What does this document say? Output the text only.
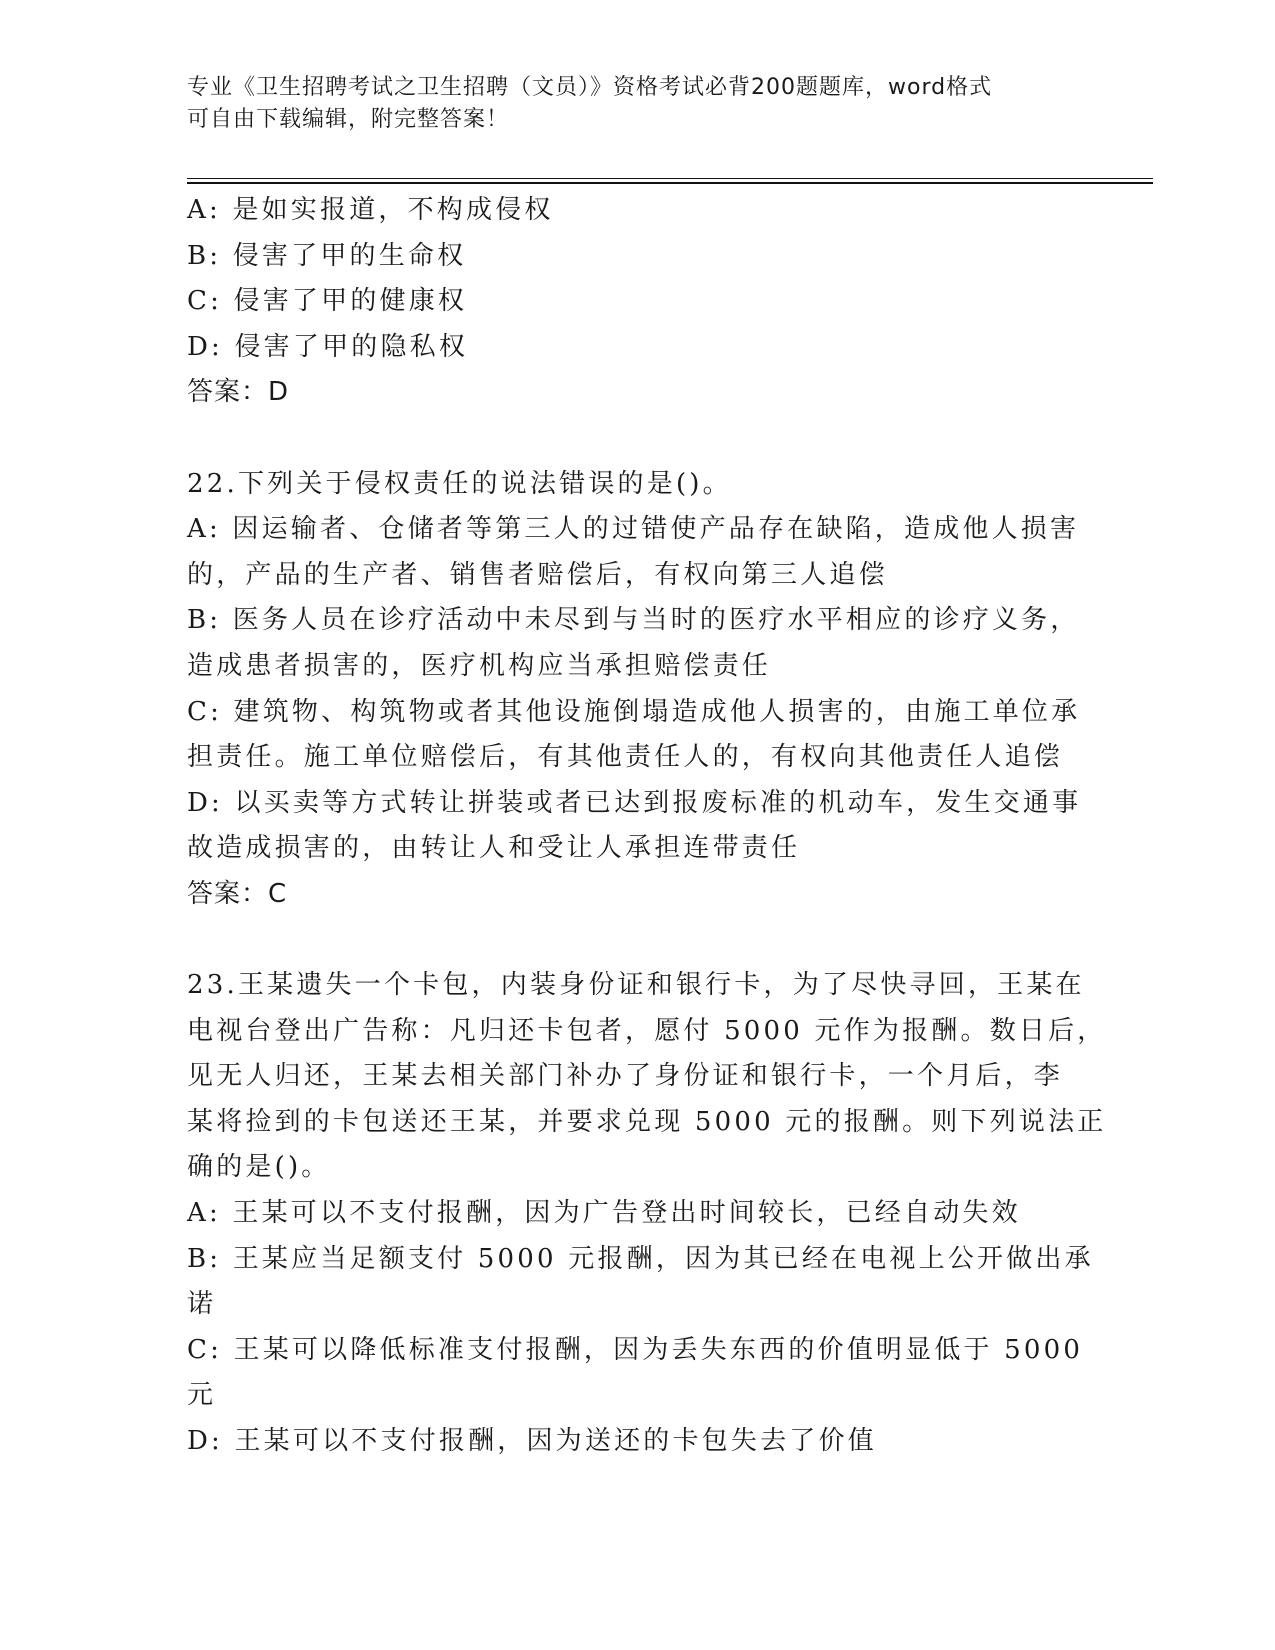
专业《卫生招聘考试之卫生招聘（文员）》资格考试必背200题题库，word格式
可自由下载编辑，附完整答案！
A: 是如实报道，不构成侵权
B: 侵害了甲的生命权
C: 侵害了甲的健康权
D: 侵害了甲的隐私权
答案：D
22.下列关于侵权责任的说法错误的是()。
A: 因运输者、仓储者等第三人的过错使产品存在缺陷，造成他人损害
的，产品的生产者、销售者赔偿后，有权向第三人追偿
B: 医务人员在诊疗活动中未尽到与当时的医疗水平相应的诊疗义务，
造成患者损害的，医疗机构应当承担赔偿责任
C: 建筑物、构筑物或者其他设施倒塌造成他人损害的，由施工单位承
担责任。施工单位赔偿后，有其他责任人的，有权向其他责任人追偿
D: 以买卖等方式转让拼装或者已达到报废标准的机动车，发生交通事
故造成损害的，由转让人和受让人承担连带责任
答案：C
23.王某遗失一个卡包，内装身份证和银行卡，为了尽快寻回，王某在
电视台登出广告称：凡归还卡包者，愿付 5000 元作为报酬。数日后，
见无人归还，王某去相关部门补办了身份证和银行卡，一个月后，李
某将捡到的卡包送还王某，并要求兑现 5000 元的报酬。则下列说法正
确的是()。
A: 王某可以不支付报酬，因为广告登出时间较长，已经自动失效
B: 王某应当足额支付 5000 元报酬，因为其已经在电视上公开做出承
诺
C: 王某可以降低标准支付报酬，因为丢失东西的价值明显低于 5000
元
D: 王某可以不支付报酬，因为送还的卡包失去了价值
